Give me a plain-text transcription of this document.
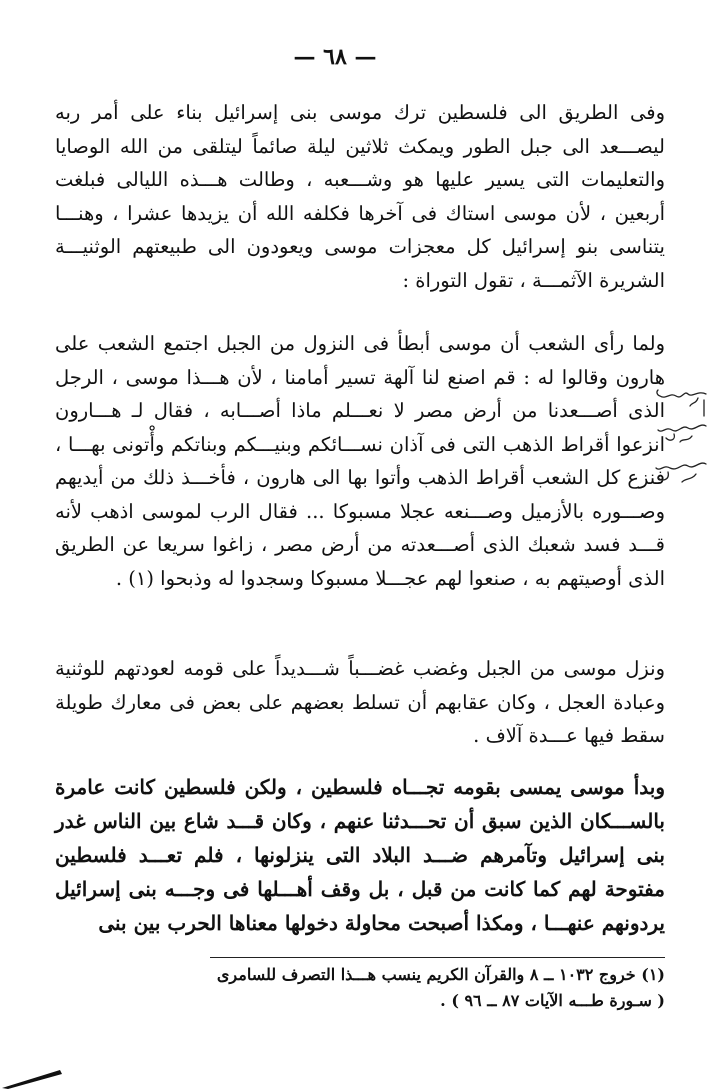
— ٦٨ —

وفى الطريق الى فلسطين ترك موسى بنى إسرائيل بناء على أمر ربه ليصـــعد الى جبل الطور ويمكث ثلاثين ليلة صائماً ليتلقى من الله الوصايا والتعليمات التى يسير عليها هو وشـــعبه ، وطالت هـــذه الليالى فبلغت أربعين ، لأن موسى استاك فى آخرها فكلفه الله أن يزيدها عشرا ، وهنـــا يتناسى بنو إسرائيل كل معجزات موسى ويعودون الى طبيعتهم الوثنيـــة الشريرة الآثمـــة ، تقول التوراة :

ولما رأى الشعب أن موسى أبطأ فى النزول من الجبل اجتمع الشعب على هارون وقالوا له : قم اصنع لنا آلهة تسير أمامنا ، لأن هـــذا موسى ، الرجل الذى أصـــعدنا من أرض مصر لا نعـــلم ماذا أصـــابه ، فقال لـ هـــارون انزعوا أقراط الذهب التى فى آذان نســـائكم وبنيـــكم وبناتكم وأْتونى بهـــا ، فنزع كل الشعب أقراط الذهب وأتوا بها الى هارون ، فأخـــذ ذلك من أيديهم وصـــوره بالأزميل وصـــنعه عجلا مسبوكا ... فقال الرب لموسى اذهب لأنه قـــد فسد شعبك الذى أصـــعدته من أرض مصر ، زاغوا سريعا عن الطريق الذى أوصيتهم به ، صنعوا لهم عجـــلا مسبوكا وسجدوا له وذبحوا (١) .

ونزل موسى من الجبل وغضب غضـــباً شـــديداً على قومه لعودتهم للوثنية وعبادة العجل ، وكان عقابهم أن تسلط بعضهم على بعض فى معارك طويلة سقط فيها عـــدة آلاف .

وبدأ موسى يمسى بقومه تجـــاه فلسطين ، ولكن فلسطين كانت عامرة بالســـكان الذين سبق أن تحـــدثنا عنهم ، وكان قـــد شاع بين الناس غدر بنى إسرائيل وتآمرهم ضـــد البلاد التى ينزلونها ، فلم تعـــد فلسطين مفتوحة لهم كما كانت من قبل ، بل وقف أهـــلها فى وجـــه بنى إسرائيل يردونهم عنهـــا ، ومكذا أصبحت محاولة دخولها معناها الحرب بين بنى

(١) خروج ١٠٣٢ ــ ٨ والقرآن الكريم ينسب هـــذا التصرف للسامرى
( سـورة طـــه الآيات ٨٧ ــ ٩٦ ) .
